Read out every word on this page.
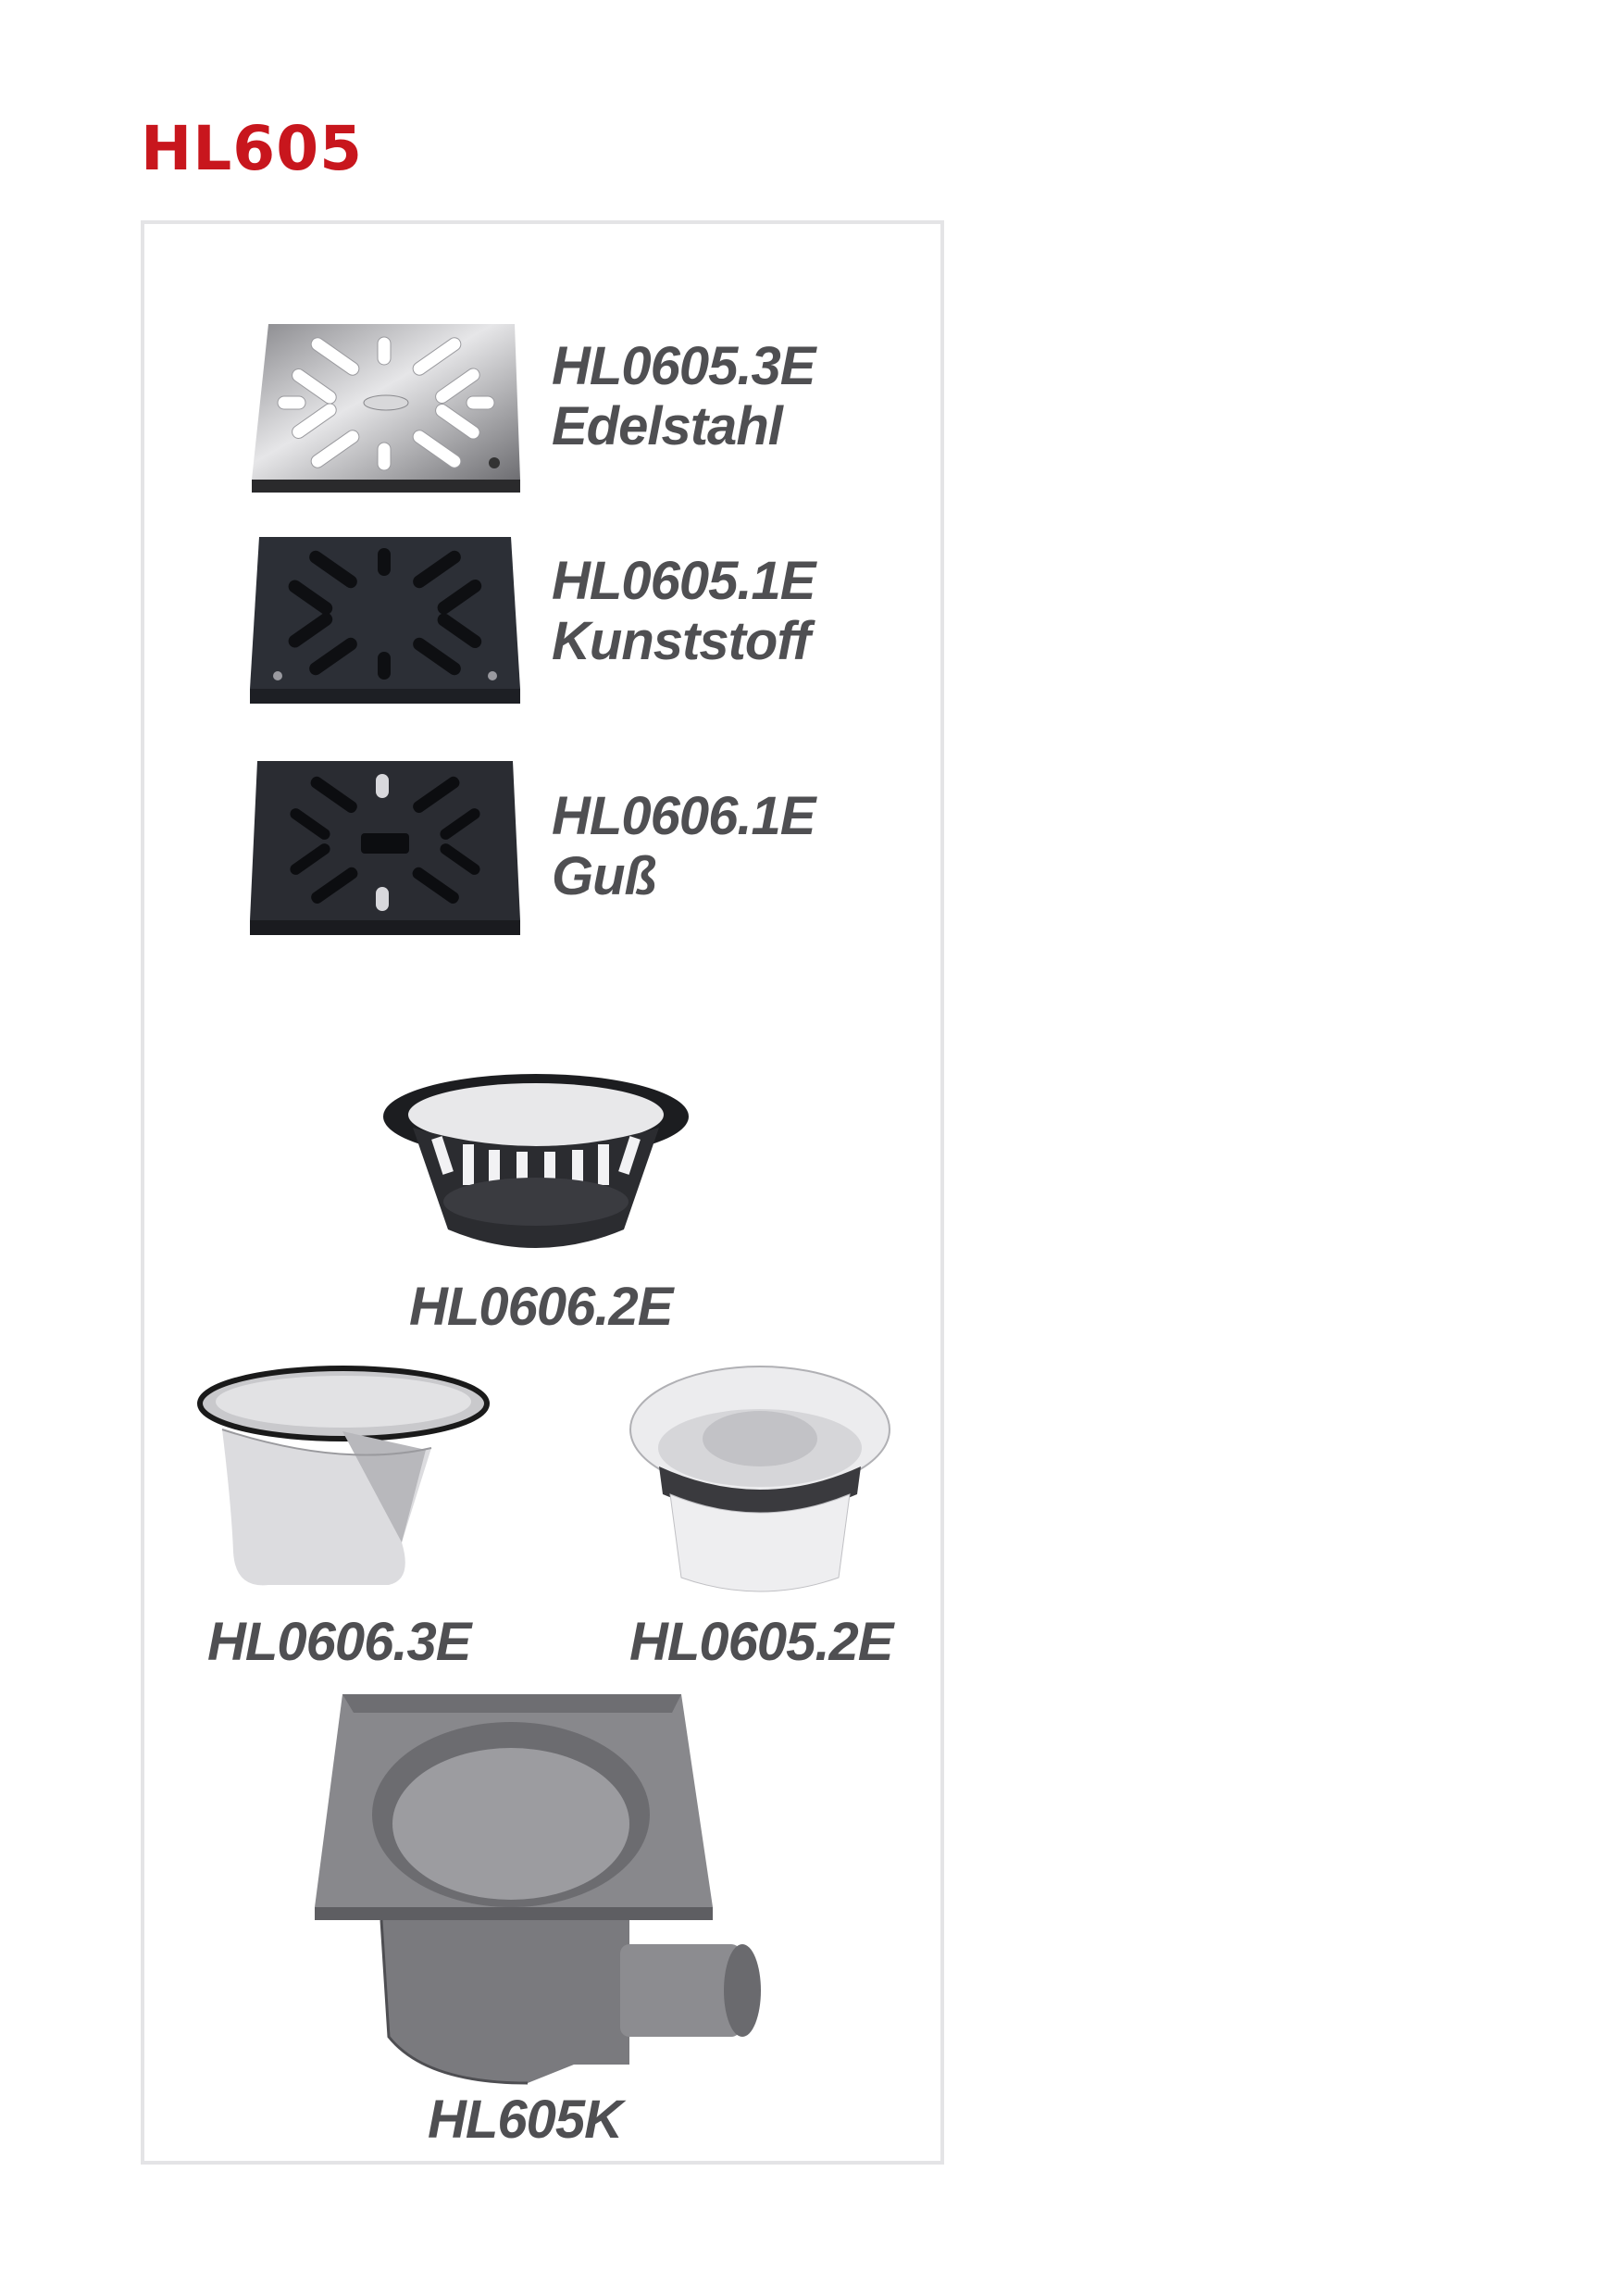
HL605
HL0605.3E
Edelstahl
HL0605.1E
Kunststoff
HL0606.1E
Guß
HL0606.2E
HL0606.3E	HL0605.2E
HL605K
